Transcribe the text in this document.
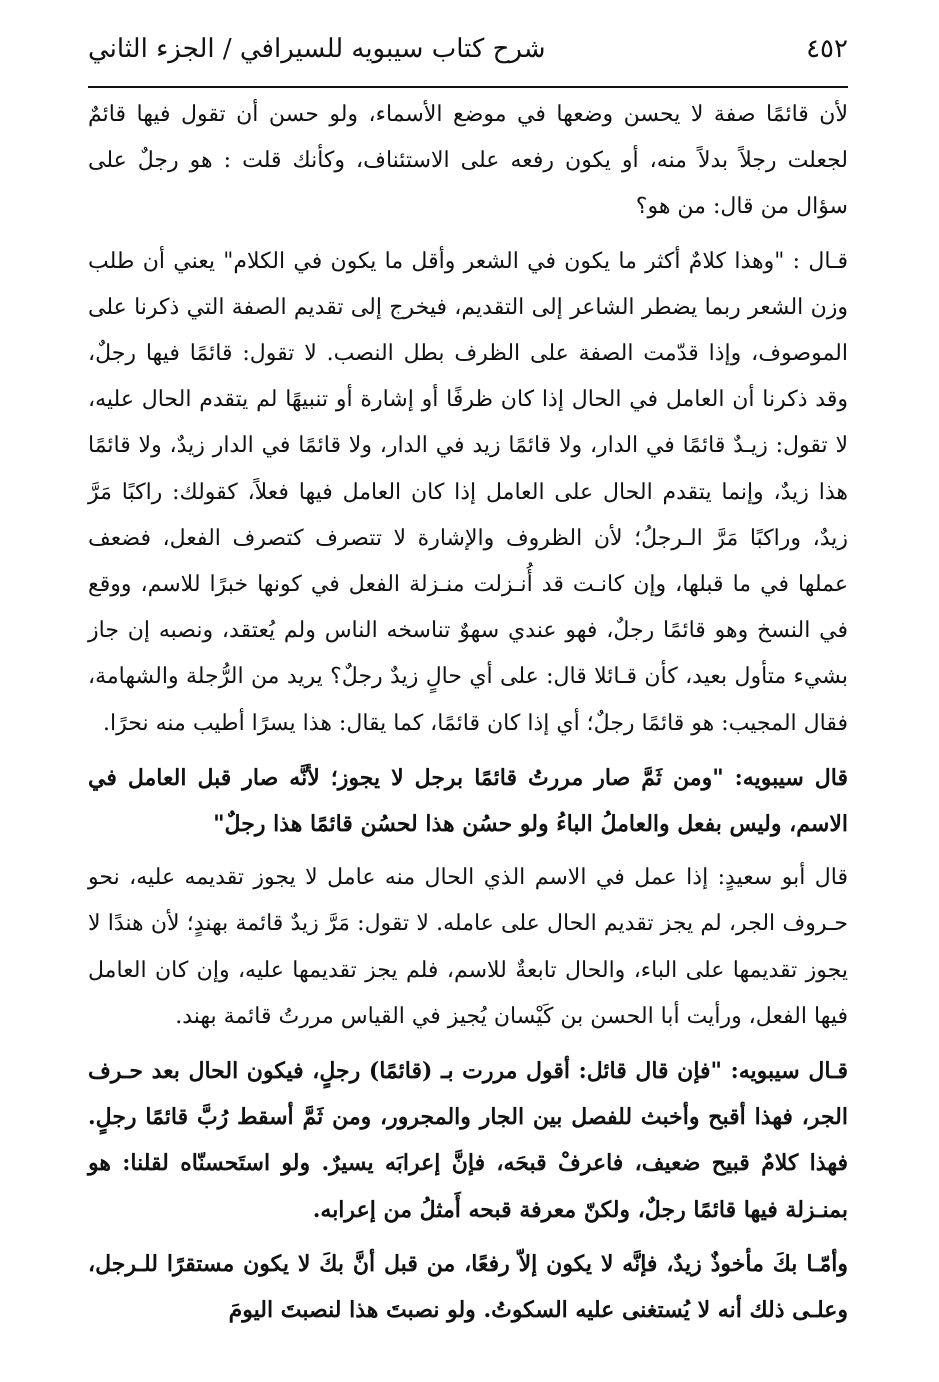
٤٥٢
شرح كتاب سيبويه للسيرافي / الجزء الثاني

لأن قائمًا صفة لا يحسن وضعها في موضع الأسماء، ولو حسن أن تقول فيها قائمٌ لجعلت رجلاً بدلاً منه، أو يكون رفعه على الاستئناف، وكأنك قلت : هو رجلٌ على سؤال من قال: من هو؟

قـال : "وهذا كلامٌ أكثر ما يكون في الشعر وأقل ما يكون في الكلام" يعني أن طلب وزن الشعر ربما يضطر الشاعر إلى التقديم، فيخرج إلى تقديم الصفة التي ذكرنا على الموصوف، وإذا قدّمت الصفة على الظرف بطل النصب. لا تقول: قائمًا فيها رجلٌ، وقد ذكرنا أن العامل في الحال إذا كان ظرفًا أو إشارة أو تنبيهًا لم يتقدم الحال عليه، لا تقول: زيـدٌ قائمًا في الدار، ولا قائمًا زيد في الدار، ولا قائمًا في الدار زيدٌ، ولا قائمًا هذا زيدٌ، وإنما يتقدم الحال على العامل إذا كان العامل فيها فعلاً، كقولك: راكبًا مَرَّ زيدٌ، وراكبًا مَرَّ الـرجلُ؛ لأن الظروف والإشارة لا تتصرف كتصرف الفعل، فضعف عملها في ما قبلها، وإن كانـت قد أُنـزلت منـزلة الفعل في كونها خبرًا للاسم، ووقع في النسخ وهو قائمًا رجلٌ، فهو عندي سهوٌ تناسخه الناس ولم يُعتقد، ونصبه إن جاز بشيء متأول بعيد، كأن قـائلا قال: على أي حالٍ زيدٌ رجلٌ؟ يريد من الرُّجلة والشهامة، فقال المجيب: هو قائمًا رجلٌ؛ أي إذا كان قائمًا، كما يقال: هذا يسرًا أطيب منه نحرًا.

قال سيبويه: "ومن ثَمَّ صار مررتُ قائمًا برجل لا يجوز؛ لأنَّه صار قبل العامل في الاسم، وليس بفعل والعاملُ الباءُ ولو حسُن هذا لحسُن قائمًا هذا رجلٌ"

قال أبو سعيدٍ: إذا عمل في الاسم الذي الحال منه عامل لا يجوز تقديمه عليه، نحو حـروف الجر، لم يجز تقديم الحال على عامله. لا تقول: مَرَّ زيدٌ قائمة بهندٍ؛ لأن هندًا لا يجوز تقديمها على الباء، والحال تابعةٌ للاسم، فلم يجز تقديمها عليه، وإن كان العامل فيها الفعل، ورأيت أبا الحسن بن كَيْسان يُجيز في القياس مررتُ قائمة بهند.

قـال سيبويه: "فإن قال قائل: أقول مررت بـ (قائمًا) رجلٍ، فيكون الحال بعد حـرف الجر، فهذا أقبح وأخبث للفصل بين الجار والمجرور، ومن ثَمَّ أسقط رُبَّ قائمًا رجلٍ. فهذا كلامٌ قبيح ضعيف، فاعرفْ قبحَه، فإنَّ إعرابَه يسيرٌ. ولو استَحسنّاه لقلنا: هو بمنـزلة فيها قائمًا رجلٌ، ولكنّ معرفة قبحه أَمثلُ من إعرابه.

وأمّـا بكَ مأخوذٌ زيدٌ، فإنَّه لا يكون إلاّ رفعًا، من قبل أنَّ بكَ لا يكون مستقرًا للـرجل، وعلـى ذلك أنه لا يُستغنى عليه السكوتُ. ولو نصبتَ هذا لنصبتَ اليومَ
